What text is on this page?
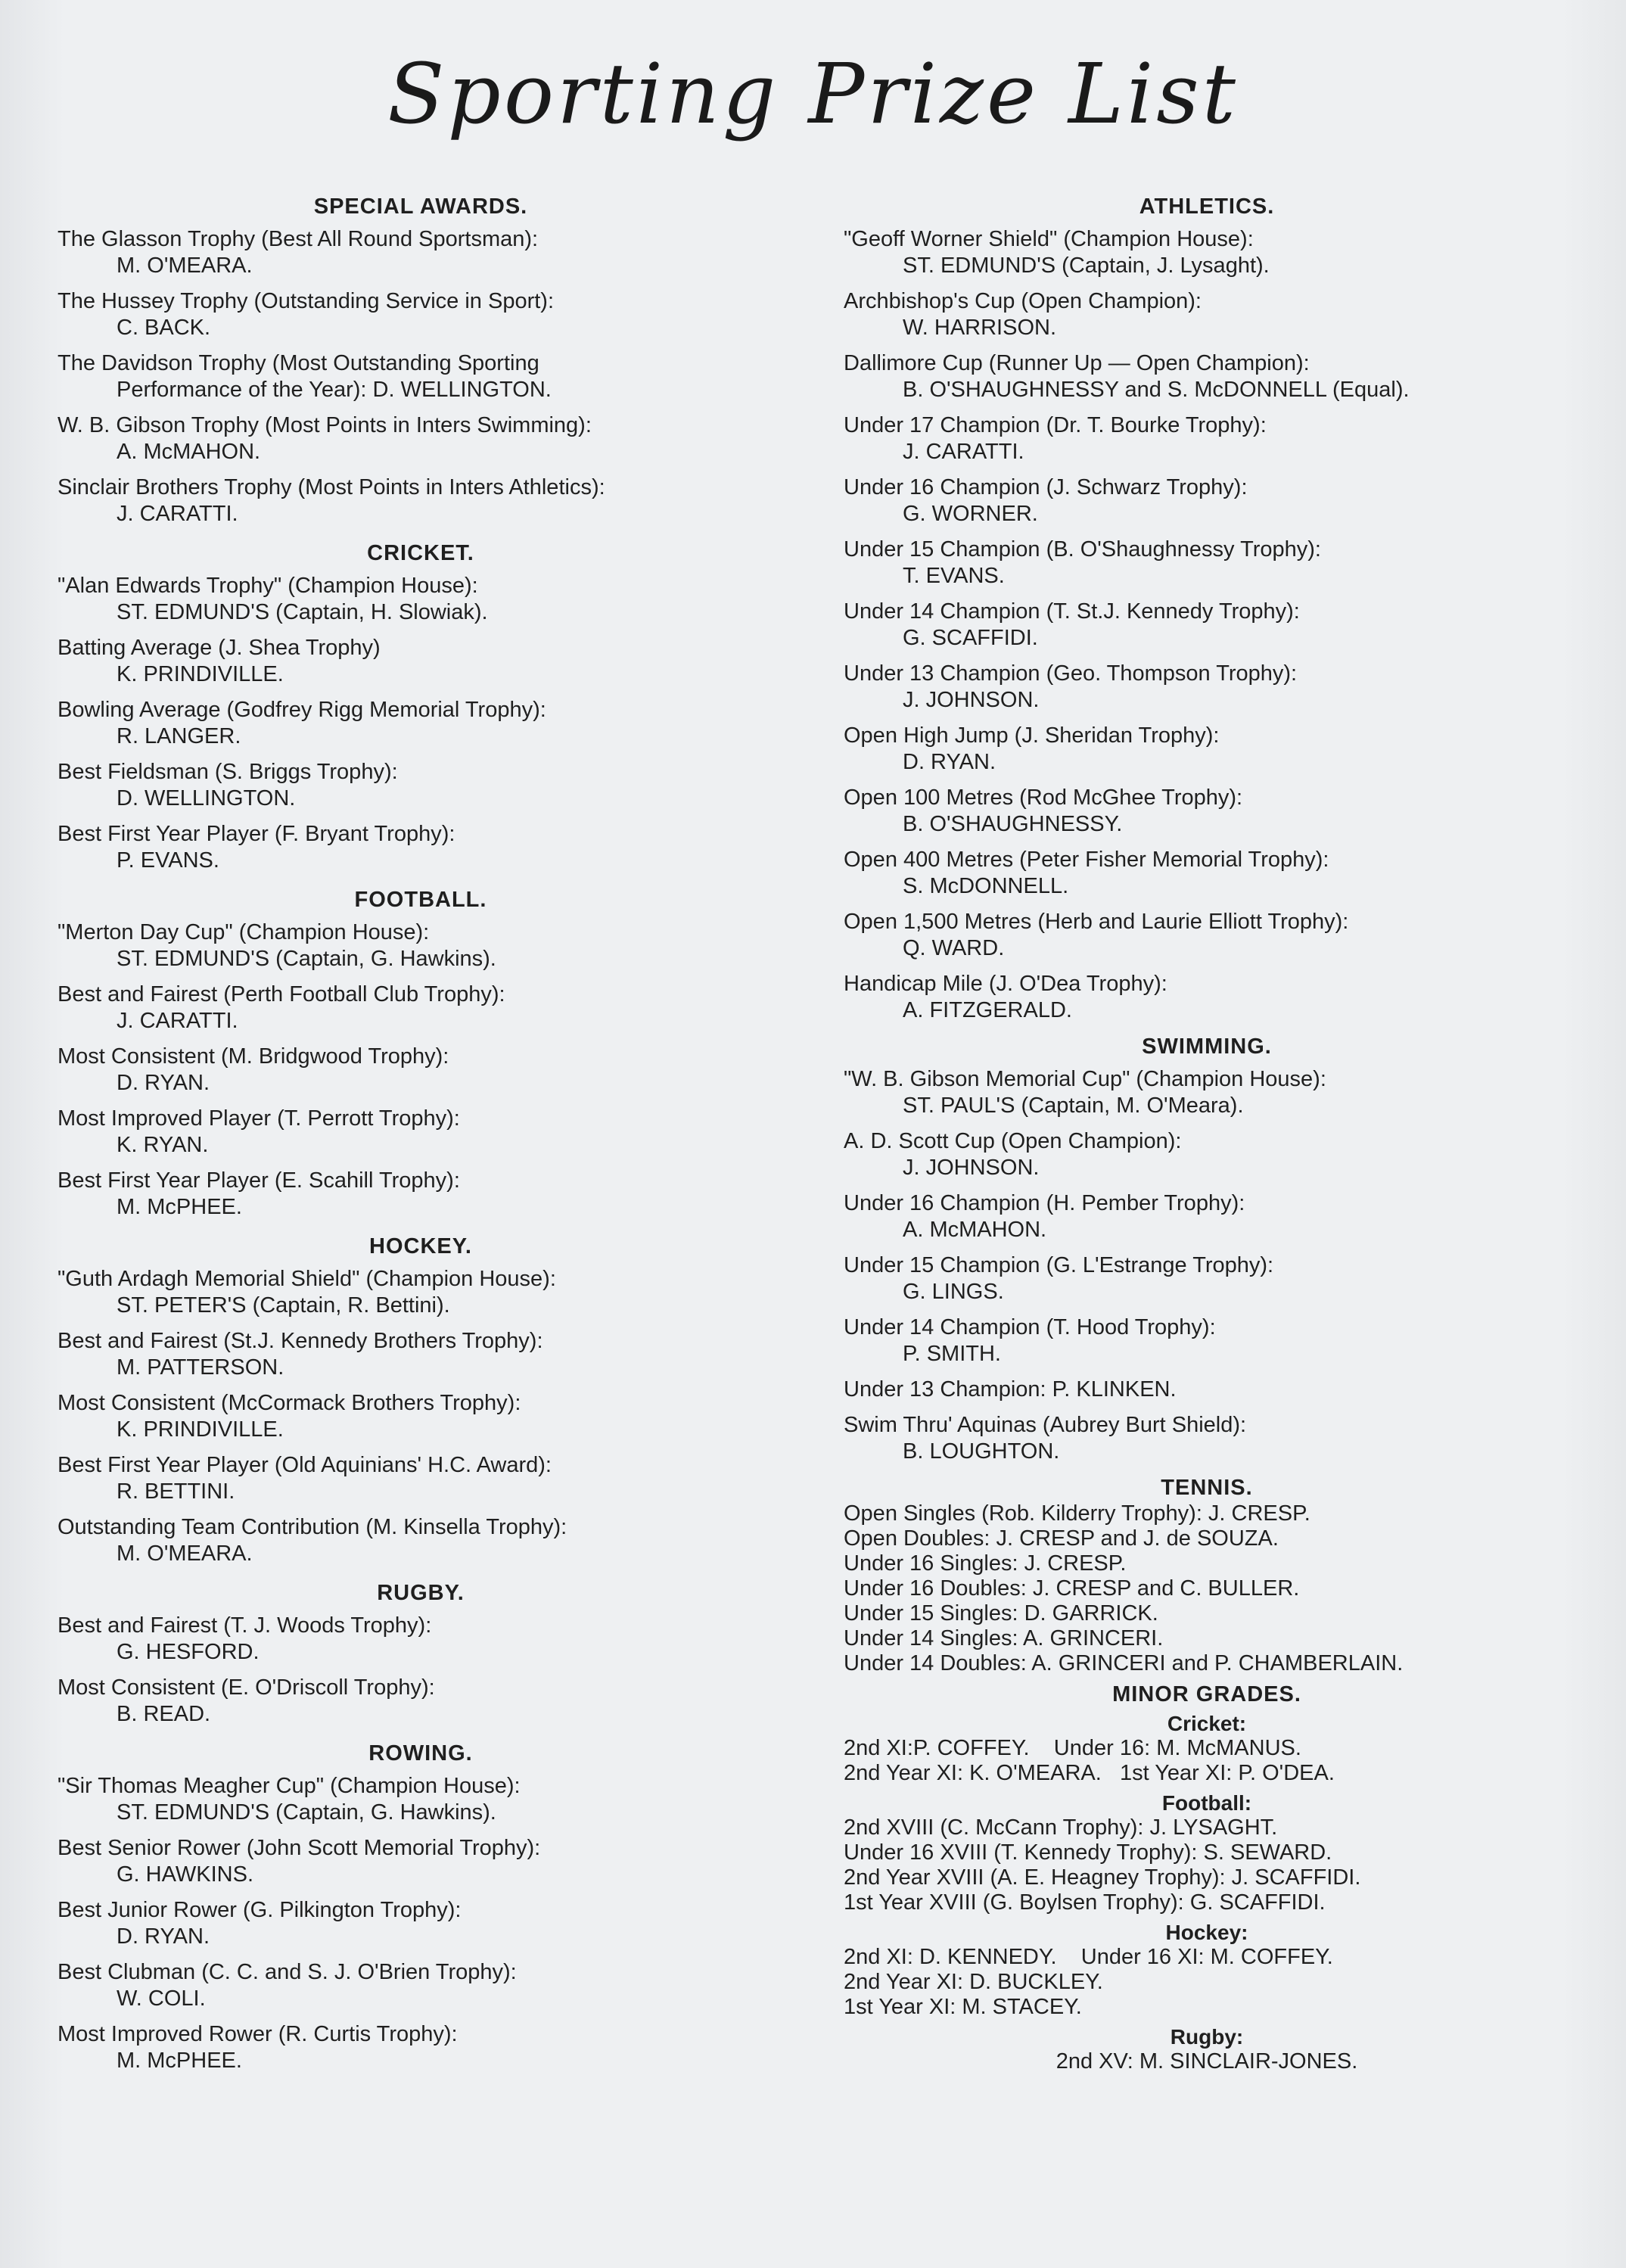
Sporting Prize List
SPECIAL AWARDS.
The Glasson Trophy (Best All Round Sportsman):
M. O'MEARA.
The Hussey Trophy (Outstanding Service in Sport):
C. BACK.
The Davidson Trophy (Most Outstanding Sporting
Performance of the Year): D. WELLINGTON.
W. B. Gibson Trophy (Most Points in Inters Swimming):
A. McMAHON.
Sinclair Brothers Trophy (Most Points in Inters Athletics):
J. CARATTI.
CRICKET.
"Alan Edwards Trophy" (Champion House):
ST. EDMUND'S (Captain, H. Slowiak).
Batting Average (J. Shea Trophy)
K. PRINDIVILLE.
Bowling Average (Godfrey Rigg Memorial Trophy):
R. LANGER.
Best Fieldsman (S. Briggs Trophy):
D. WELLINGTON.
Best First Year Player (F. Bryant Trophy):
P. EVANS.
FOOTBALL.
"Merton Day Cup" (Champion House):
ST. EDMUND'S (Captain, G. Hawkins).
Best and Fairest (Perth Football Club Trophy):
J. CARATTI.
Most Consistent (M. Bridgwood Trophy):
D. RYAN.
Most Improved Player (T. Perrott Trophy):
K. RYAN.
Best First Year Player (E. Scahill Trophy):
M. McPHEE.
HOCKEY.
"Guth Ardagh Memorial Shield" (Champion House):
ST. PETER'S (Captain, R. Bettini).
Best and Fairest (St.J. Kennedy Brothers Trophy):
M. PATTERSON.
Most Consistent (McCormack Brothers Trophy):
K. PRINDIVILLE.
Best First Year Player (Old Aquinians' H.C. Award):
R. BETTINI.
Outstanding Team Contribution (M. Kinsella Trophy):
M. O'MEARA.
RUGBY.
Best and Fairest (T. J. Woods Trophy):
G. HESFORD.
Most Consistent (E. O'Driscoll Trophy):
B. READ.
ROWING.
"Sir Thomas Meagher Cup" (Champion House):
ST. EDMUND'S (Captain, G. Hawkins).
Best Senior Rower (John Scott Memorial Trophy):
G. HAWKINS.
Best Junior Rower (G. Pilkington Trophy):
D. RYAN.
Best Clubman (C. C. and S. J. O'Brien Trophy):
W. COLI.
Most Improved Rower (R. Curtis Trophy):
M. McPHEE.
ATHLETICS.
"Geoff Worner Shield" (Champion House):
ST. EDMUND'S (Captain, J. Lysaght).
Archbishop's Cup (Open Champion):
W. HARRISON.
Dallimore Cup (Runner Up — Open Champion):
B. O'SHAUGHNESSY and S. McDONNELL (Equal).
Under 17 Champion (Dr. T. Bourke Trophy):
J. CARATTI.
Under 16 Champion (J. Schwarz Trophy):
G. WORNER.
Under 15 Champion (B. O'Shaughnessy Trophy):
T. EVANS.
Under 14 Champion (T. St.J. Kennedy Trophy):
G. SCAFFIDI.
Under 13 Champion (Geo. Thompson Trophy):
J. JOHNSON.
Open High Jump (J. Sheridan Trophy):
D. RYAN.
Open 100 Metres (Rod McGhee Trophy):
B. O'SHAUGHNESSY.
Open 400 Metres (Peter Fisher Memorial Trophy):
S. McDONNELL.
Open 1,500 Metres (Herb and Laurie Elliott Trophy):
Q. WARD.
Handicap Mile (J. O'Dea Trophy):
A. FITZGERALD.
SWIMMING.
"W. B. Gibson Memorial Cup" (Champion House):
ST. PAUL'S (Captain, M. O'Meara).
A. D. Scott Cup (Open Champion):
J. JOHNSON.
Under 16 Champion (H. Pember Trophy):
A. McMAHON.
Under 15 Champion (G. L'Estrange Trophy):
G. LINGS.
Under 14 Champion (T. Hood Trophy):
P. SMITH.
Under 13 Champion: P. KLINKEN.
Swim Thru' Aquinas (Aubrey Burt Shield):
B. LOUGHTON.
TENNIS.
Open Singles (Rob. Kilderry Trophy): J. CRESP.
Open Doubles: J. CRESP and J. de SOUZA.
Under 16 Singles: J. CRESP.
Under 16 Doubles: J. CRESP and C. BULLER.
Under 15 Singles: D. GARRICK.
Under 14 Singles: A. GRINCERI.
Under 14 Doubles: A. GRINCERI and P. CHAMBERLAIN.
MINOR GRADES.
Cricket:
2nd XI:P. COFFEY.    Under 16: M. McMANUS.
2nd Year XI: K. O'MEARA.   1st Year XI: P. O'DEA.
Football:
2nd XVIII (C. McCann Trophy): J. LYSAGHT.
Under 16 XVIII (T. Kennedy Trophy): S. SEWARD.
2nd Year XVIII (A. E. Heagney Trophy): J. SCAFFIDI.
1st Year XVIII (G. Boylsen Trophy): G. SCAFFIDI.
Hockey:
2nd XI: D. KENNEDY.    Under 16 XI: M. COFFEY.
2nd Year XI: D. BUCKLEY.
1st Year XI: M. STACEY.
Rugby:
2nd XV: M. SINCLAIR-JONES.
